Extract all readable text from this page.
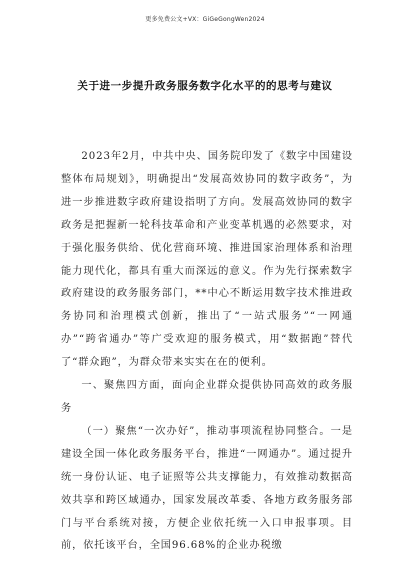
更多免费公文+VX：GiGeGongWen2024
关于进一步提升政务服务数字化水平的的思考与建议

2023年2月，中共中央、国务院印发了《数字中国建设整体布局规划》，明确提出“发展高效协同的数字政务”，为进一步推进数字政府建设指明了方向。发展高效协同的数字政务是把握新一轮科技革命和产业变革机遇的必然要求，对于强化服务供给、优化营商环境、推进国家治理体系和治理能力现代化，都具有重大而深远的意义。作为先行探索数字政府建设的政务服务部门，**中心不断运用数字技术推进政务协同和治理模式创新，推出了“一站式服务”“一网通办”“跨省通办”等广受欢迎的服务模式，用“数据跑”替代了“群众跑”，为群众带来实实在在的便利。

一、聚焦四方面，面向企业群众提供协同高效的政务服务

（一）聚焦“一次办好”，推动事项流程协同整合。一是建设全国一体化政务服务平台，推进“一网通办”。通过提升统一身份认证、电子证照等公共支撑能力，有效推动数据高效共享和跨区域通办，国家发展改革委、各地方政务服务部门与平台系统对接，方便企业依托统一入口申报事项。目前，依托该平台，全国96.68%的企业办税缴
